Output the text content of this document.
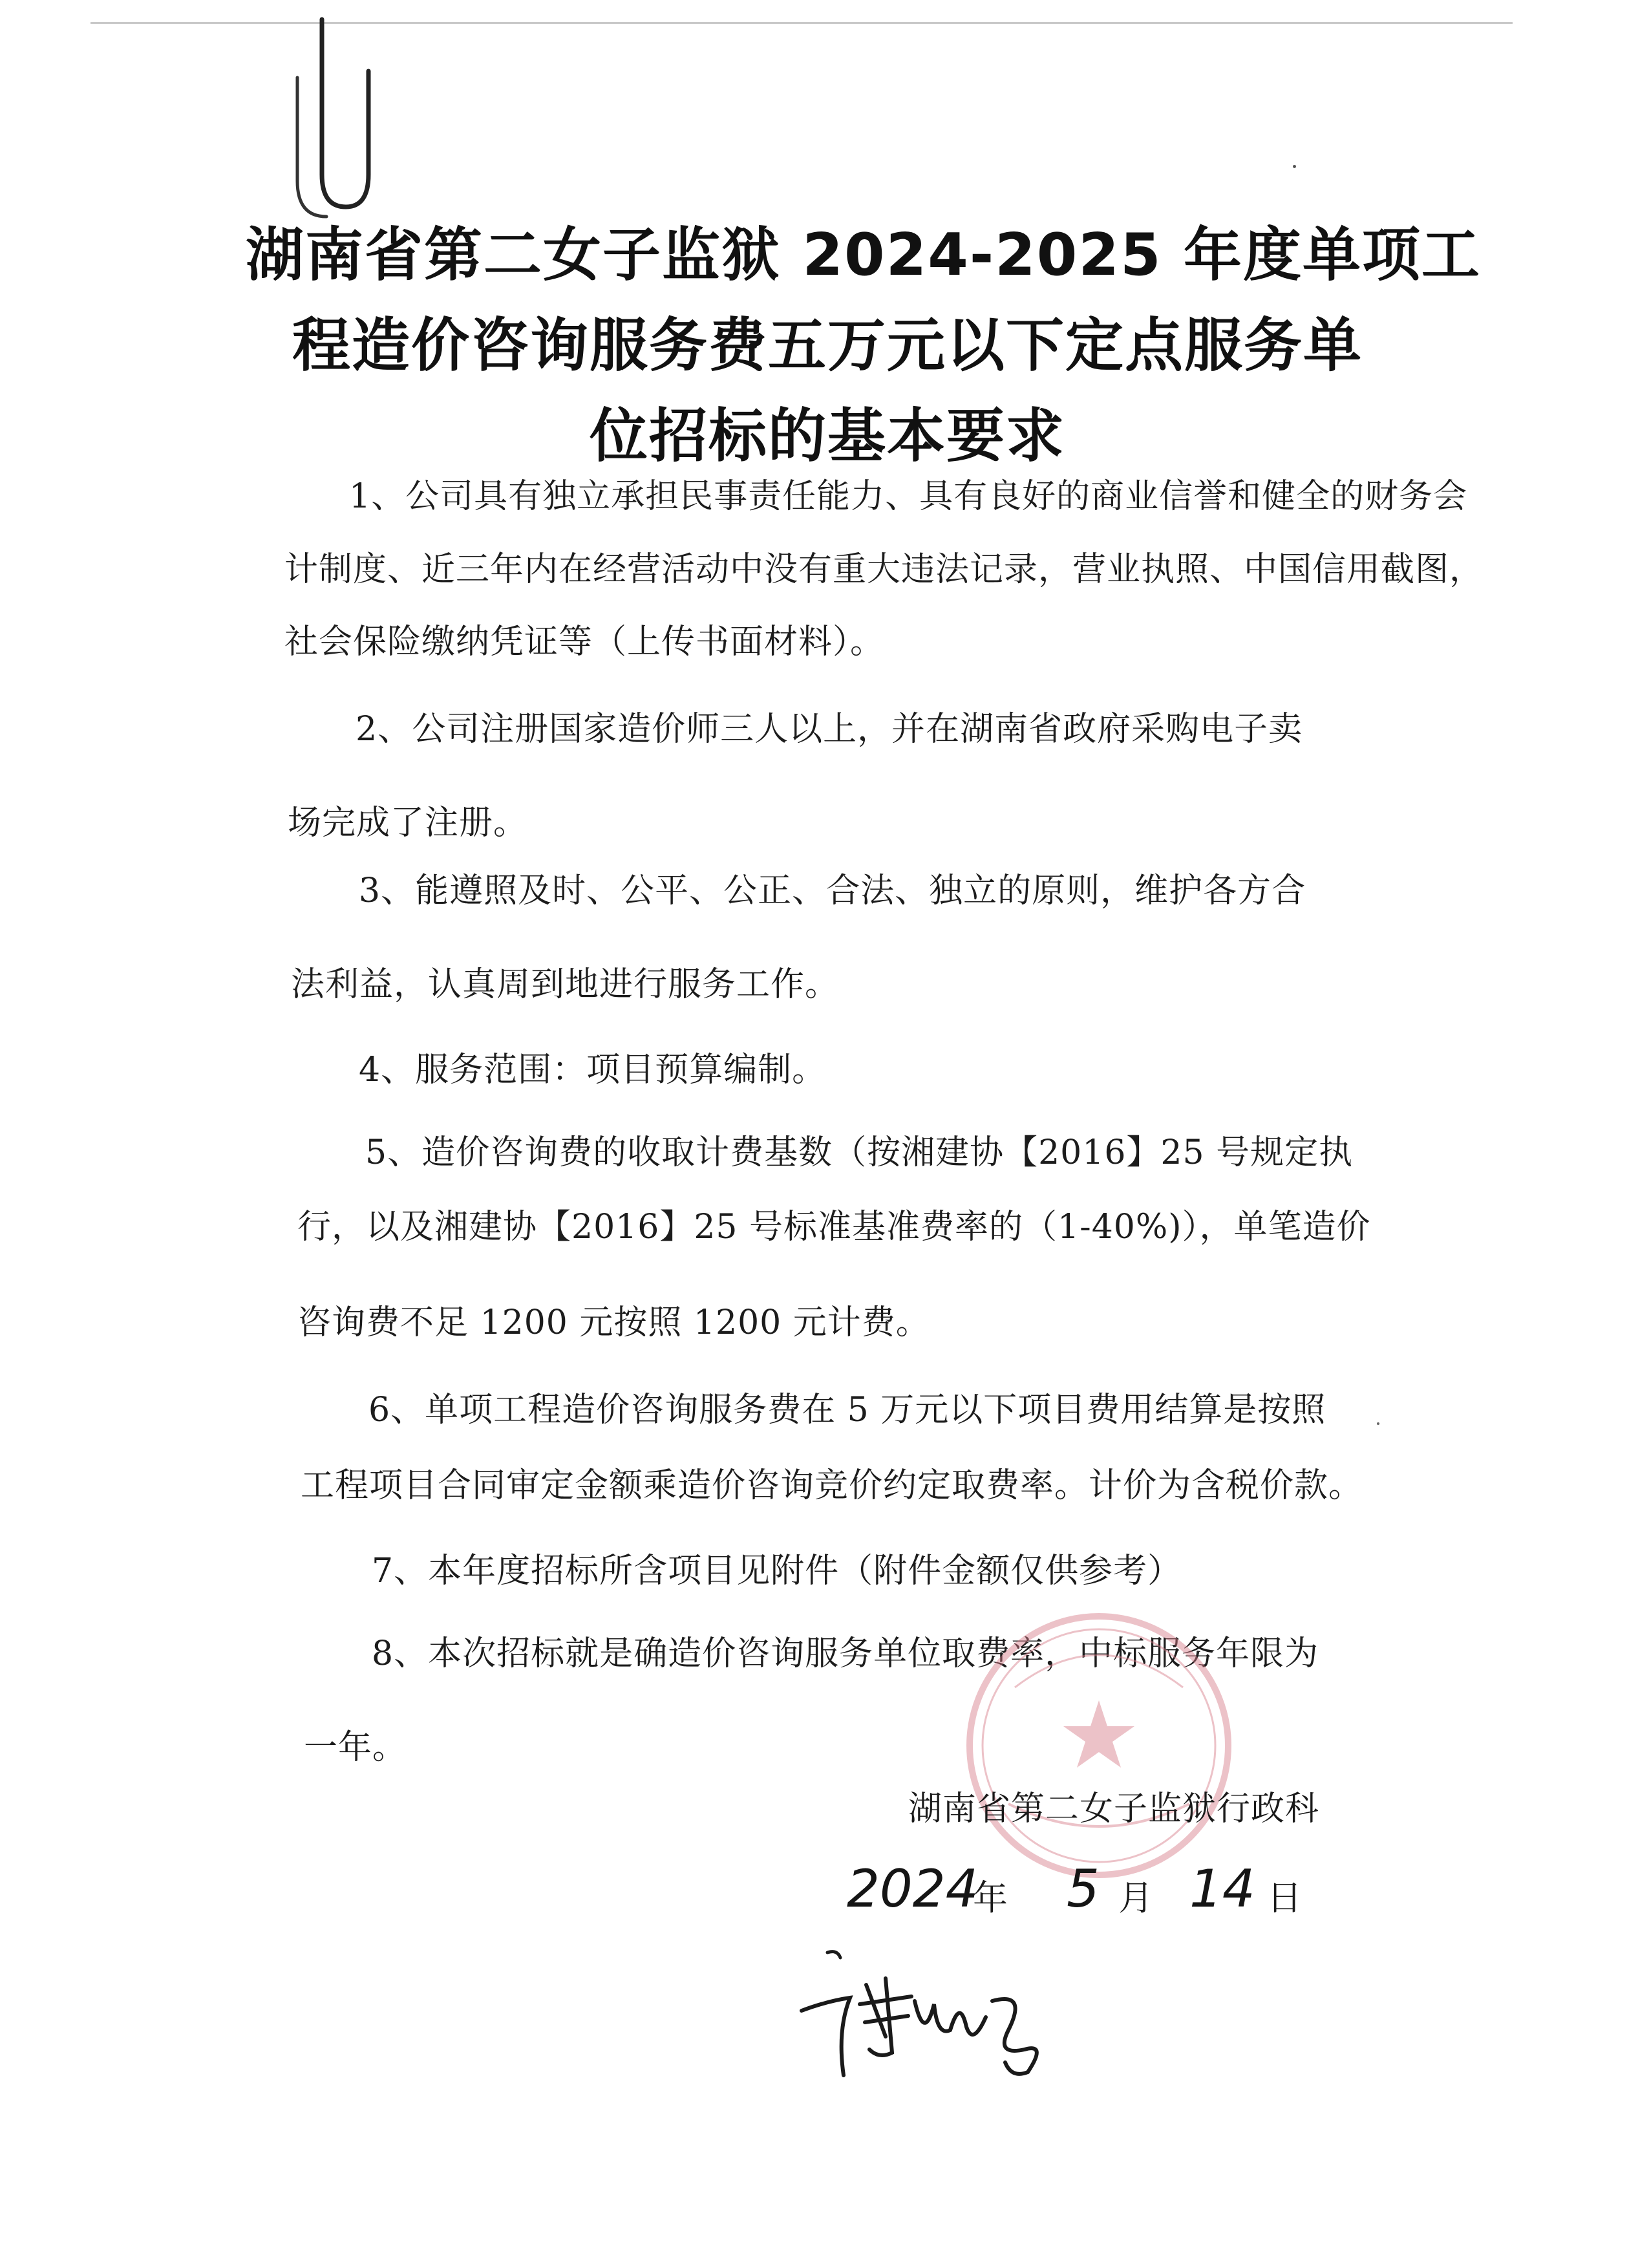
湖南省第二女子监狱 2024-2025 年度单项工
程造价咨询服务费五万元以下定点服务单
位招标的基本要求
1、公司具有独立承担民事责任能力、具有良好的商业信誉和健全的财务会
计制度、近三年内在经营活动中没有重大违法记录，营业执照、中国信用截图，
社会保险缴纳凭证等（上传书面材料）。
2、公司注册国家造价师三人以上，并在湖南省政府采购电子卖
场完成了注册。
3、能遵照及时、公平、公正、合法、独立的原则，维护各方合
法利益，认真周到地进行服务工作。
4、服务范围：项目预算编制。
5、造价咨询费的收取计费基数（按湘建协【2016】25 号规定执
行，以及湘建协【2016】25 号标准基准费率的（1-40%)），单笔造价
咨询费不足 1200 元按照 1200 元计费。
6、单项工程造价咨询服务费在 5 万元以下项目费用结算是按照
工程项目合同审定金额乘造价咨询竞价约定取费率。计价为含税价款。
7、本年度招标所含项目见附件（附件金额仅供参考）
8、本次招标就是确造价咨询服务单位取费率，中标服务年限为
一年。
湖南省第二女子监狱行政科
2024
年 5 月 14 日
